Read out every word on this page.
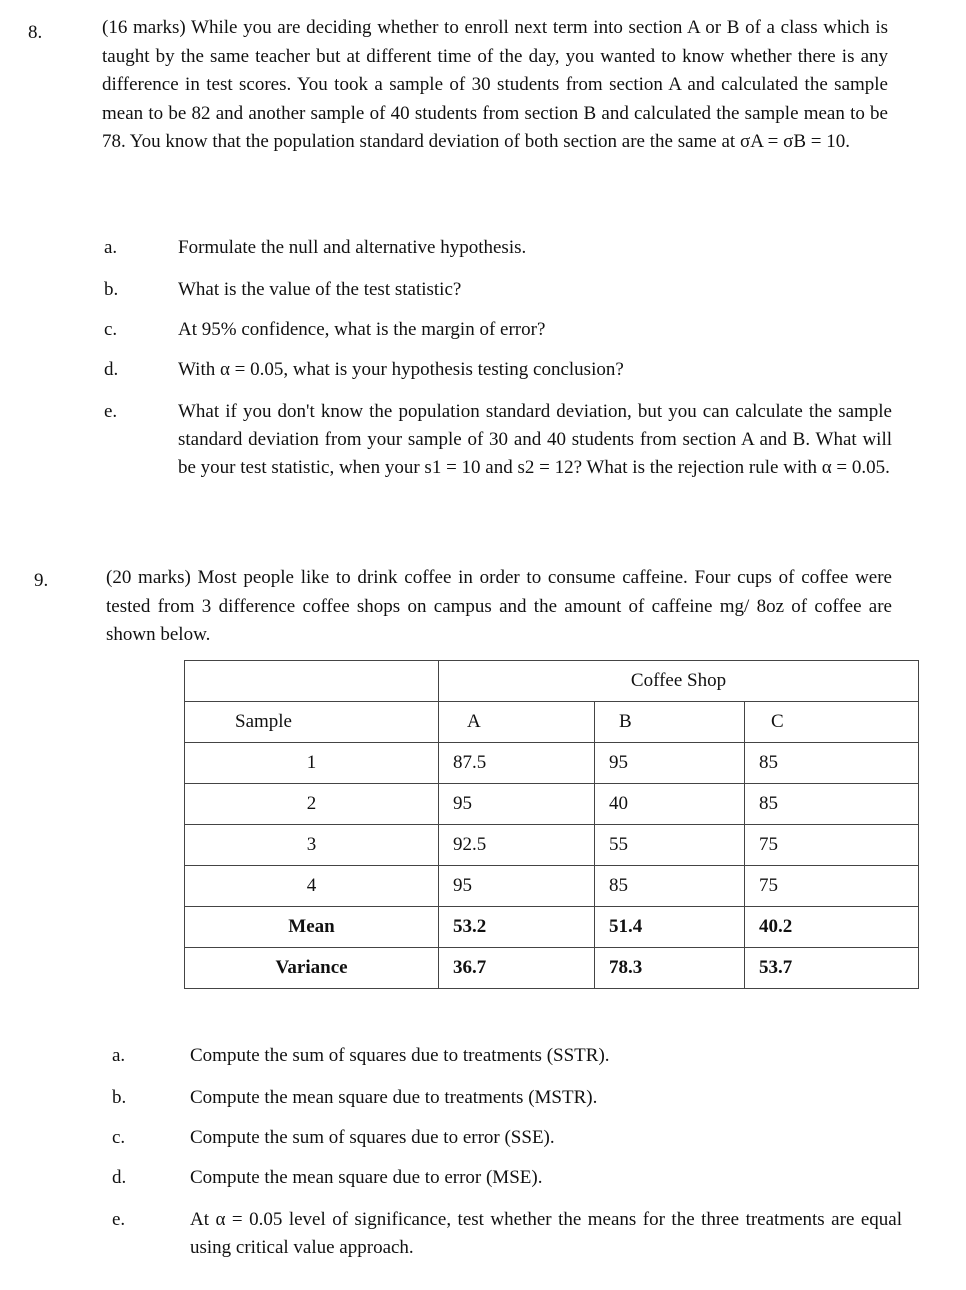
8.	(16 marks) While you are deciding whether to enroll next term into section A or B of a class which is taught by the same teacher but at different time of the day, you wanted to know whether there is any difference in test scores. You took a sample of 30 students from section A and calculated the sample mean to be 82 and another sample of 40 students from section B and calculated the sample mean to be 78. You know that the population standard deviation of both section are the same at σA = σB = 10.
a.	Formulate the null and alternative hypothesis.
b.	What is the value of the test statistic?
c.	At 95% confidence, what is the margin of error?
d.	With α = 0.05, what is your hypothesis testing conclusion?
e.	What if you don't know the population standard deviation, but you can calculate the sample standard deviation from your sample of 30 and 40 students from section A and B. What will be your test statistic, when your s1 = 10 and s2 = 12? What is the rejection rule with α = 0.05.
9.	(20 marks) Most people like to drink coffee in order to consume caffeine. Four cups of coffee were tested from 3 difference coffee shops on campus and the amount of caffeine mg/ 8oz of coffee are shown below.
	Coffee Shop		
Sample	A	B	C
1	87.5	95	85
2	95	40	85
3	92.5	55	75
4	95	85	75
Mean	53.2	51.4	40.2
Variance	36.7	78.3	53.7
a.	Compute the sum of squares due to treatments (SSTR).
b.	Compute the mean square due to treatments (MSTR).
c.	Compute the sum of squares due to error (SSE).
d.	Compute the mean square due to error (MSE).
e.	At α = 0.05 level of significance, test whether the means for the three treatments are equal using critical value approach.
